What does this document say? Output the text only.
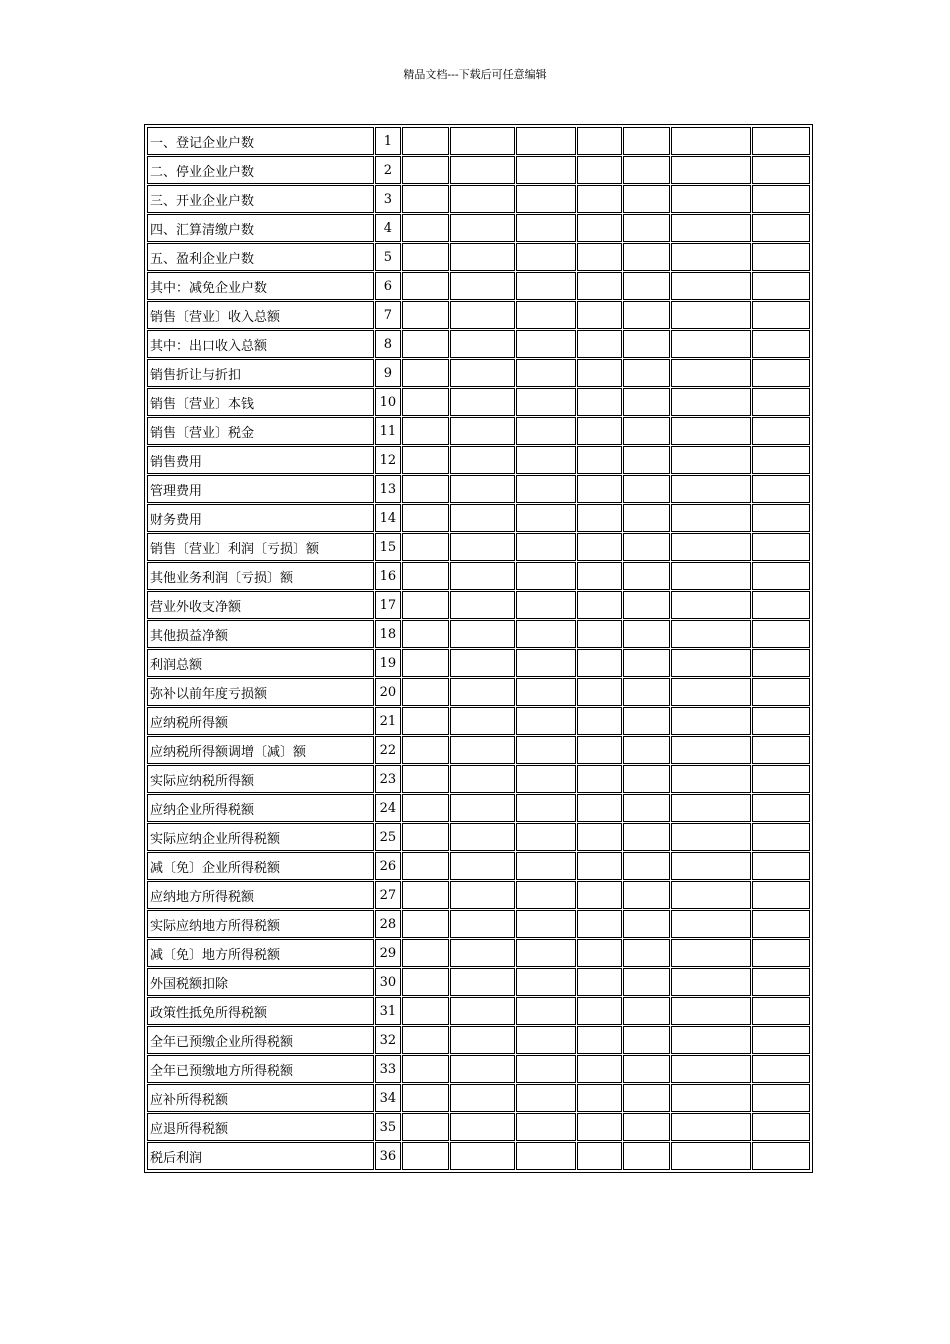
精品文档---下载后可任意编辑
一、登记企业户数	1							
二、停业企业户数	2							
三、开业企业户数	3							
四、汇算清缴户数	4							
五、盈利企业户数	5							
其中：减免企业户数	6							
销售〔营业〕收入总额	7							
其中：出口收入总额	8							
销售折让与折扣	9							
销售〔营业〕本钱	10							
销售〔营业〕税金	11							
销售费用	12							
管理费用	13							
财务费用	14							
销售〔营业〕利润〔亏损〕额	15							
其他业务利润〔亏损〕额	16							
营业外收支净额	17							
其他损益净额	18							
利润总额	19							
弥补以前年度亏损额	20							
应纳税所得额	21							
应纳税所得额调增〔减〕额	22							
实际应纳税所得额	23							
应纳企业所得税额	24							
实际应纳企业所得税额	25							
减〔免〕企业所得税额	26							
应纳地方所得税额	27							
实际应纳地方所得税额	28							
减〔免〕地方所得税额	29							
外国税额扣除	30							
政策性抵免所得税额	31							
全年已预缴企业所得税额	32							
全年已预缴地方所得税额	33							
应补所得税额	34							
应退所得税额	35							
税后利润	36							
